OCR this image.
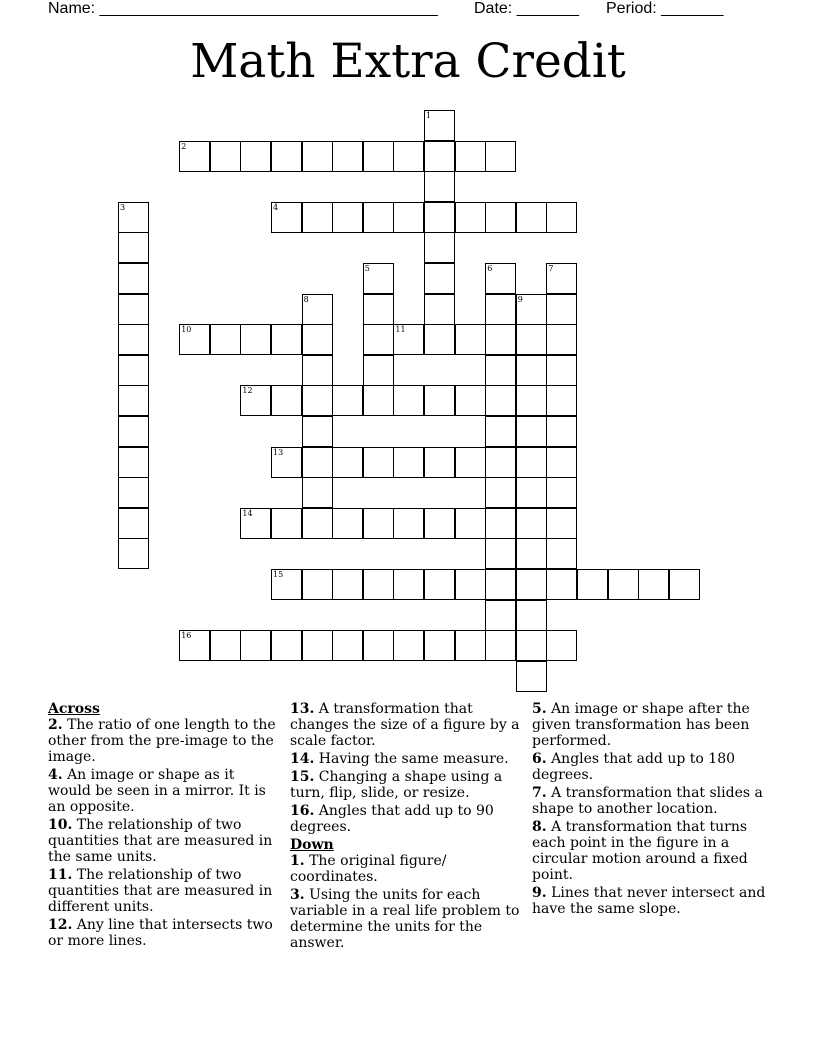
Name: ______________________________________ Date: _______ Period: _______
Math Extra Credit
1
2
3	4
5	6	7
8	9
10	11
12
13
14
15
16
Across
2. The ratio of one length to the other from the pre-image to the image.
4. An image or shape as it would be seen in a mirror. It is an opposite.
10. The relationship of two quantities that are measured in the same units.
11. The relationship of two quantities that are measured in different units.
12. Any line that intersects two or more lines.
13. A transformation that changes the size of a figure by a scale factor.
14. Having the same measure.
15. Changing a shape using a turn, flip, slide, or resize.
16. Angles that add up to 90 degrees.
Down
1. The original figure/ coordinates.
3. Using the units for each variable in a real life problem to determine the units for the answer.
5. An image or shape after the given transformation has been performed.
6. Angles that add up to 180 degrees.
7. A transformation that slides a shape to another location.
8. A transformation that turns each point in the figure in a circular motion around a fixed point.
9. Lines that never intersect and have the same slope.
